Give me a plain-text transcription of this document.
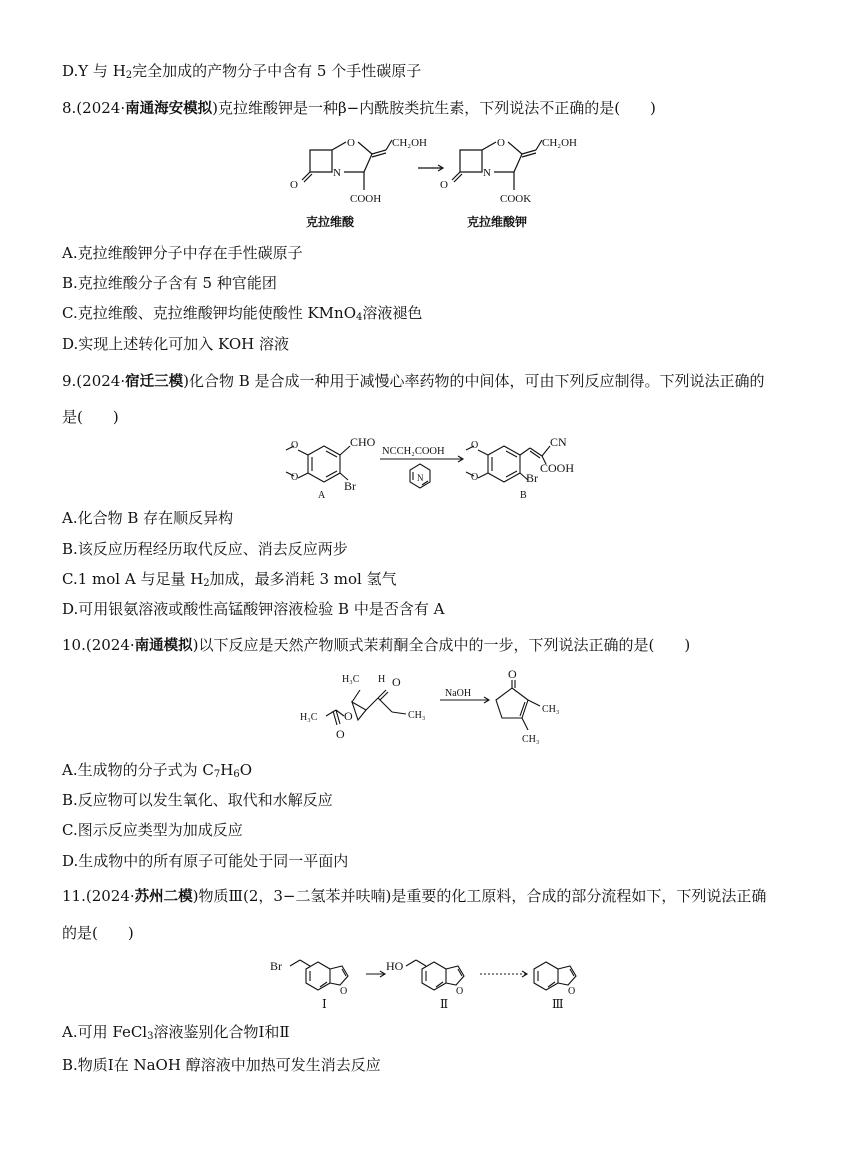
D.Y 与 $H_2$完全加成的产物分子中含有 5 个手性碳原子
8.(2024·南通海安模拟)克拉维酸钾是一种β−内酰胺类抗生素，下列说法不正确的是(　　)
O
N
O
CH₂OH
COOH
O
N
O
CH₂OH
COOK
克拉维酸	克拉维酸钾
A.克拉维酸钾分子中存在手性碳原子
B.克拉维酸分子含有 5 种官能团
C.克拉维酸、克拉维酸钾均能使酸性 KMnO$_4$溶液褪色
D.实现上述转化可加入 KOH 溶液
9.(2024·宿迁三模)化合物 B 是合成一种用于减慢心率药物的中间体，可由下列反应制得。下列说法正确的
是(　　)
O
O
CHO
Br
NCCH₂COOH
N
O
O
CN
COOH
Br
A	B
A.化合物 B 存在顺反异构
B.该反应历程经历取代反应、消去反应两步
C.1 mol A 与足量 $H_2$加成，最多消耗 3 mol 氢气
D.可用银氨溶液或酸性高锰酸钾溶液检验 B 中是否含有 A
10.(2024·南通模拟)以下反应是天然产物顺式茉莉酮全合成中的一步，下列说法正确的是(　　)
H₃C H O
O
O
H₃C	CH₃
NaOH
O
CH₃
CH₃
A.生成物的分子式为 $C_7H_6O$
B.反应物可以发生氧化、取代和水解反应
C.图示反应类型为加成反应
D.生成物中的所有原子可能处于同一平面内
11.(2024·苏州二模)物质Ⅲ(2，3−二氢苯并呋喃)是重要的化工原料，合成的部分流程如下，下列说法正确
的是(　　)
Br
O
HO
O	O
Ⅰ	Ⅱ	Ⅲ
A.可用 FeCl$_3$溶液鉴别化合物Ⅰ和Ⅱ
B.物质Ⅰ在 NaOH 醇溶液中加热可发生消去反应
